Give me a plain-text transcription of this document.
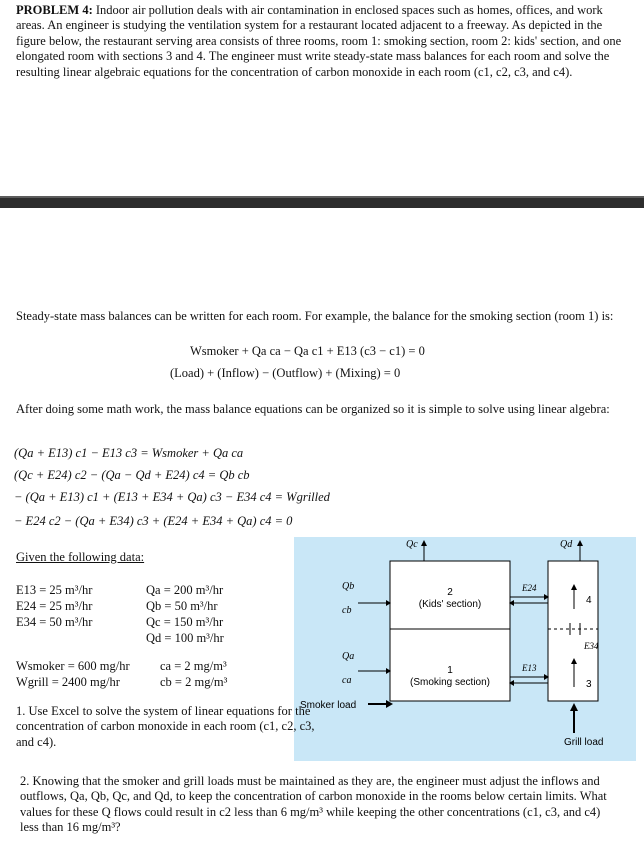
PROBLEM 4: Indoor air pollution deals with air contamination in enclosed spaces such as homes, offices, and work areas. An engineer is studying the ventilation system for a restaurant located adjacent to a freeway. As depicted in the figure below, the restaurant serving area consists of three rooms, room 1: smoking section, room 2: kids' section, and one elongated room with sections 3 and 4. The engineer must write steady-state mass balances for each room and solve the resulting linear algebraic equations for the concentration of carbon monoxide in each room (c1, c2, c3, and c4).
Steady-state mass balances can be written for each room. For example, the balance for the smoking section (room 1) is:
Wsmoker + Qa ca − Qa c1 + E13 (c3 − c1) = 0
(Load) + (Inflow) − (Outflow) + (Mixing) = 0
After doing some math work, the mass balance equations can be organized so it is simple to solve using linear algebra:
(Qa + E13) c1 − E13 c3 = Wsmoker + Qa ca
(Qc + E24) c2 − (Qa − Qd + E24) c4 = Qb cb
− (Qa + E13) c1 + (E13 + E34 + Qa) c3 − E34 c4 = Wgrilled
− E24 c2 − (Qa + E34) c3 + (E24 + E34 + Qa) c4 = 0
Given the following data:
E13 = 25 m³/hr
E24 = 25 m³/hr
E34 = 50 m³/hr
Qa = 200 m³/hr
Qb = 50 m³/hr
Qc = 150 m³/hr
Qd = 100 m³/hr
Wsmoker = 600 mg/hr
Wgrill = 2400 mg/hr
ca = 2 mg/m³
cb = 2 mg/m³
Qc	Qd
Qb
cb
Qa
ca
2
(Kids' section)
1
(Smoking section)
4
3
E24
E13
E34
Smoker load
Grill load
1. Use Excel to solve the system of linear equations for the concentration of carbon monoxide in each room (c1, c2, c3, and c4).
2. Knowing that the smoker and grill loads must be maintained as they are, the engineer must adjust the inflows and outflows, Qa, Qb, Qc, and Qd, to keep the concentration of carbon monoxide in the rooms below certain limits. What values for these Q flows could result in c2 less than 6 mg/m³ while keeping the other concentrations (c1, c3, and c4) less than 16 mg/m³?
